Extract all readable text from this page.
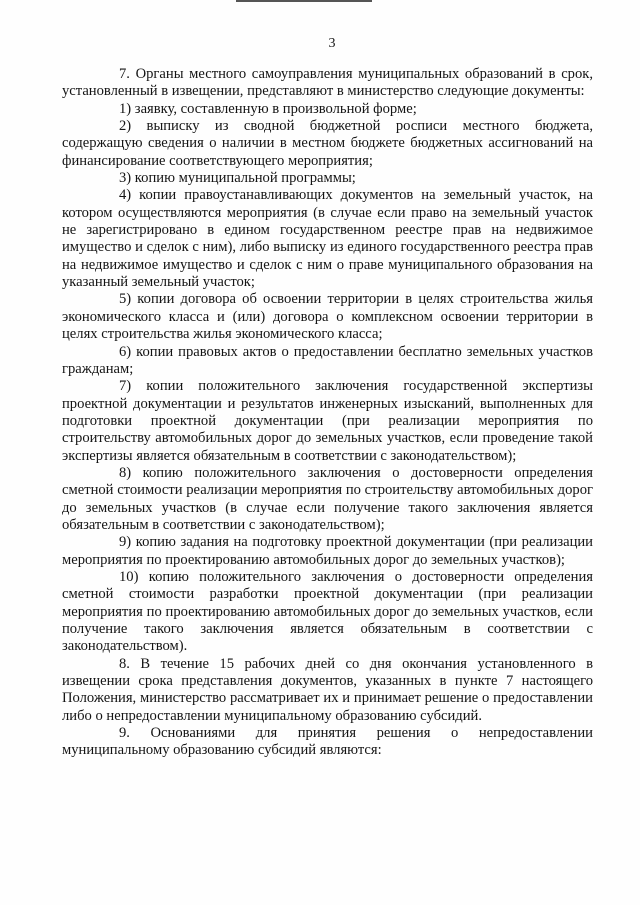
3

7. Органы местного самоуправления муниципальных образований в срок, установленный в извещении, представляют в министерство следующие документы:

1) заявку, составленную в произвольной форме;

2) выписку из сводной бюджетной росписи местного бюджета, содержащую сведения о наличии в местном бюджете бюджетных ассигнований на финансирование соответствующего мероприятия;

3) копию муниципальной программы;

4) копии правоустанавливающих документов на земельный участок, на котором осуществляются мероприятия (в случае если право на земельный участок не зарегистрировано в едином государственном реестре прав на недвижимое имущество и сделок с ним), либо выписку из единого государственного реестра прав на недвижимое имущество и сделок с ним о праве муниципального образования на указанный земельный участок;

5) копии договора об освоении территории в целях строительства жилья экономического класса и (или) договора о комплексном освоении территории в целях строительства жилья экономического класса;

6) копии правовых актов о предоставлении бесплатно земельных участков гражданам;

7) копии положительного заключения государственной экспертизы проектной документации и результатов инженерных изысканий, выполненных для подготовки проектной документации (при реализации мероприятия по строительству автомобильных дорог до земельных участков, если проведение такой экспертизы является обязательным в соответствии с законодательством);

8) копию положительного заключения о достоверности определения сметной стоимости реализации мероприятия по строительству автомобильных дорог до земельных участков (в случае если получение такого заключения является обязательным в соответствии с законодательством);

9) копию задания на подготовку проектной документации (при реализации мероприятия по проектированию автомобильных дорог до земельных участков);

10) копию положительного заключения о достоверности определения сметной стоимости разработки проектной документации (при реализации мероприятия по проектированию автомобильных дорог до земельных участков, если получение такого заключения является обязательным в соответствии с законодательством).

8. В течение 15 рабочих дней со дня окончания установленного в извещении срока представления документов, указанных в пункте 7 настоящего Положения, министерство рассматривает их и принимает решение о предоставлении либо о непредоставлении муниципальному образованию субсидий.

9. Основаниями для принятия решения о непредоставлении муниципальному образованию субсидий являются:
